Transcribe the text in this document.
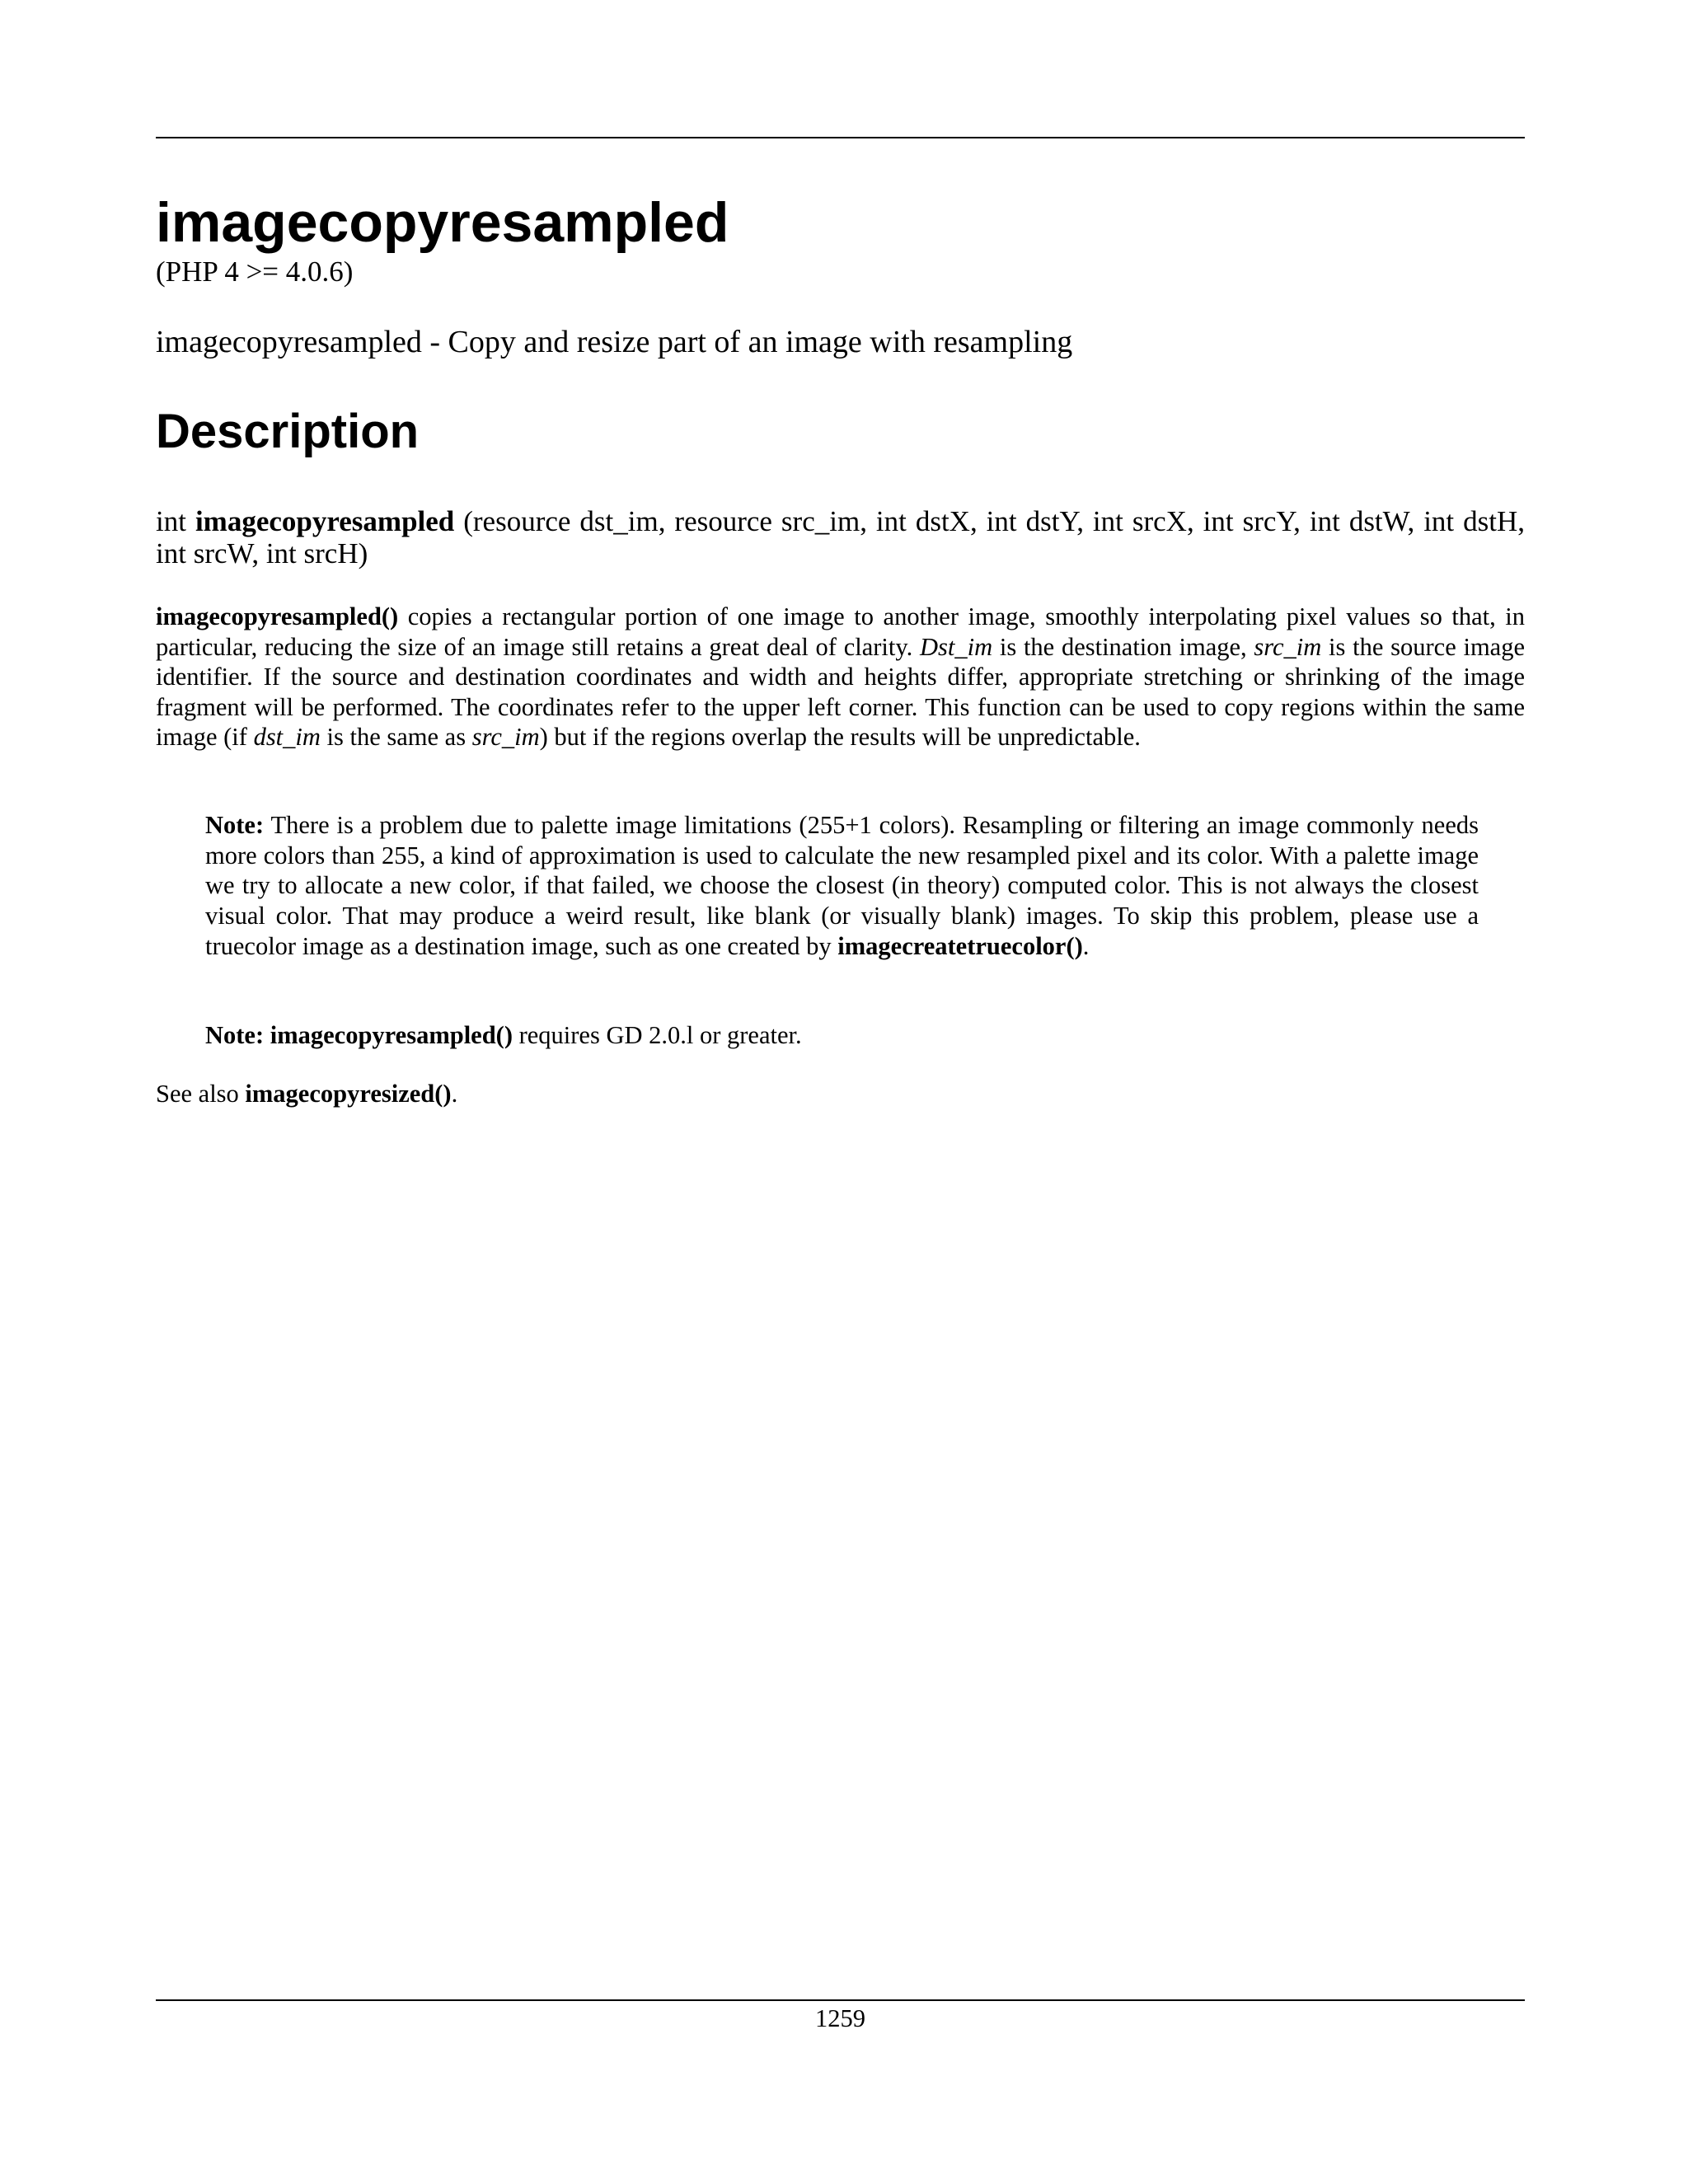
imagecopyresampled
(PHP 4 >= 4.0.6)
imagecopyresampled - Copy and resize part of an image with resampling
Description
int imagecopyresampled (resource dst_im, resource src_im, int dstX, int dstY, int srcX, int srcY, int dstW, int dstH, int srcW, int srcH)
imagecopyresampled() copies a rectangular portion of one image to another image, smoothly interpolating pixel values so that, in particular, reducing the size of an image still retains a great deal of clarity. Dst_im is the destination image, src_im is the source image identifier. If the source and destination coordinates and width and heights differ, appropriate stretching or shrinking of the image fragment will be performed. The coordinates refer to the upper left corner. This function can be used to copy regions within the same image (if dst_im is the same as src_im) but if the regions overlap the results will be unpredictable.
Note: There is a problem due to palette image limitations (255+1 colors). Resampling or filtering an image commonly needs more colors than 255, a kind of approximation is used to calculate the new resampled pixel and its color. With a palette image we try to allocate a new color, if that failed, we choose the closest (in theory) computed color. This is not always the closest visual color. That may produce a weird result, like blank (or visually blank) images. To skip this problem, please use a truecolor image as a destination image, such as one created by imagecreatetruecolor().
Note: imagecopyresampled() requires GD 2.0.l or greater.
See also imagecopyresized().
1259
